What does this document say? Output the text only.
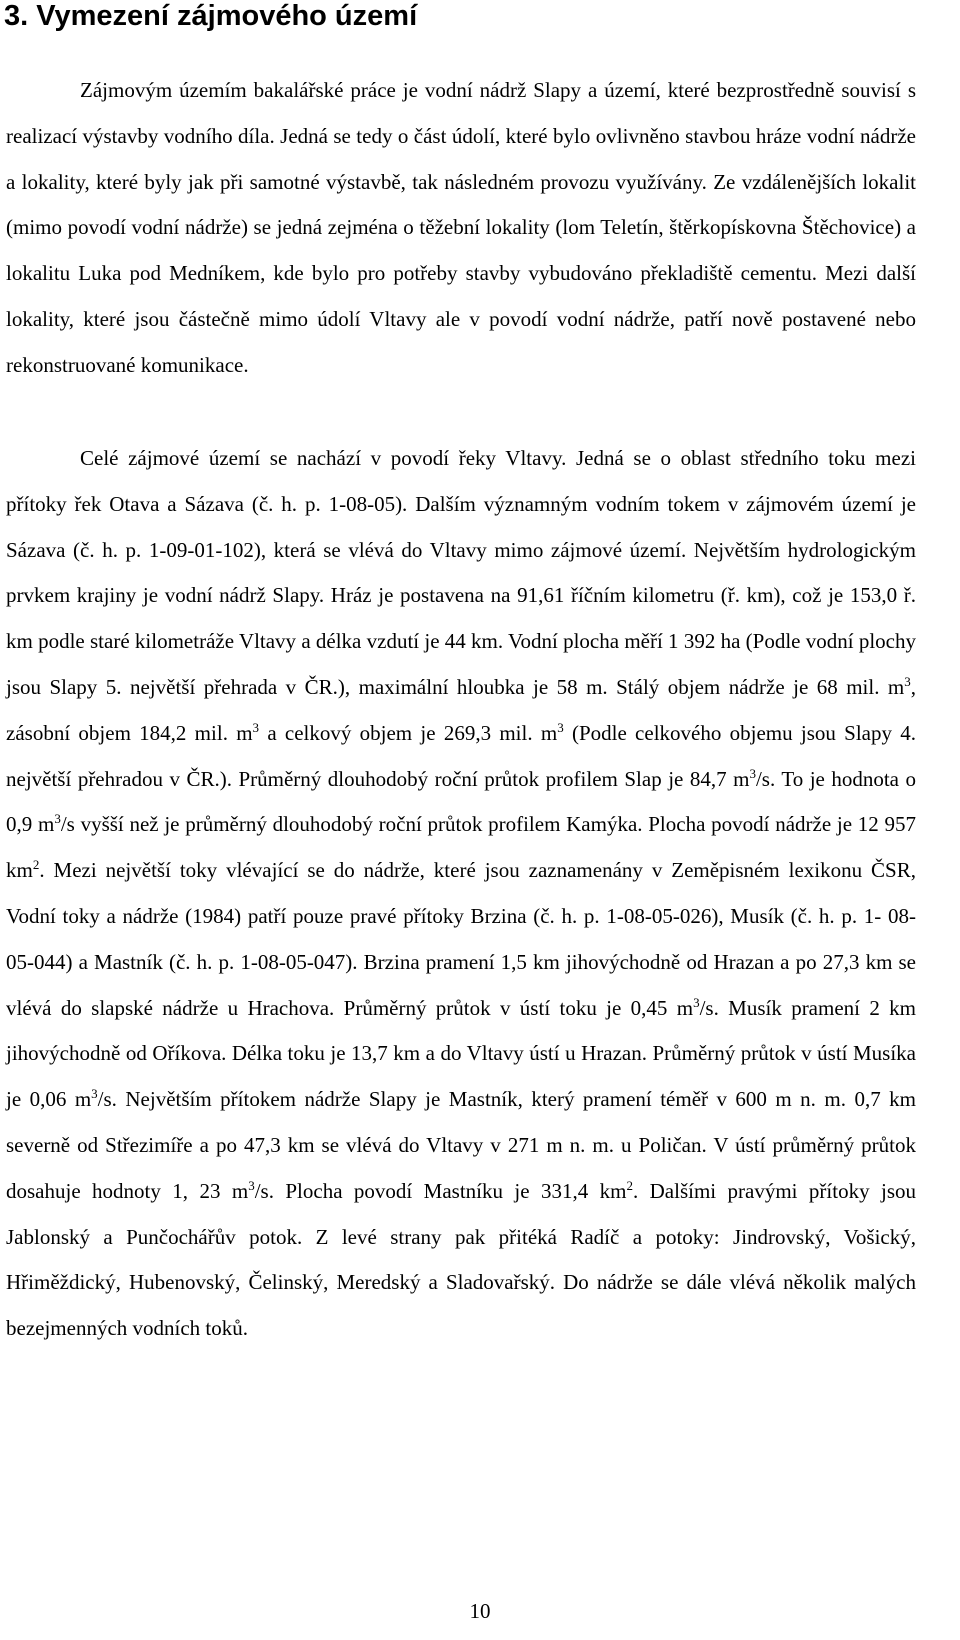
3. Vymezení zájmového území

Zájmovým územím bakalářské práce je vodní nádrž Slapy a území, které bezprostředně souvisí s realizací výstavby vodního díla. Jedná se tedy o část údolí, které bylo ovlivněno stavbou hráze vodní nádrže a lokality, které byly jak při samotné výstavbě, tak následném provozu využívány. Ze vzdálenějších lokalit (mimo povodí vodní nádrže) se jedná zejména o těžební lokality (lom Teletín, štěrkopískovna Štěchovice) a lokalitu Luka pod Medníkem, kde bylo pro potřeby stavby vybudováno překladiště cementu. Mezi další lokality, které jsou částečně mimo údolí Vltavy ale v povodí vodní nádrže, patří nově postavené nebo rekonstruované komunikace.

Celé zájmové území se nachází v povodí řeky Vltavy. Jedná se o oblast středního toku mezi přítoky řek Otava a Sázava (č. h. p. 1-08-05). Dalším významným vodním tokem v zájmovém území je Sázava (č. h. p. 1-09-01-102), která se vlévá do Vltavy mimo zájmové území. Největším hydrologickým prvkem krajiny je vodní nádrž Slapy. Hráz je postavena na 91,61 říčním kilometru (ř. km), což je 153,0 ř. km podle staré kilometráže Vltavy a délka vzdutí je 44 km. Vodní plocha měří 1 392 ha (Podle vodní plochy jsou Slapy 5. největší přehrada v ČR.), maximální hloubka je 58 m. Stálý objem nádrže je 68 mil. $m^3$, zásobní objem 184,2 mil. $m^3$ a celkový objem je 269,3 mil. $m^3$ (Podle celkového objemu jsou Slapy 4. největší přehradou v ČR.). Průměrný dlouhodobý roční průtok profilem Slap je 84,7 $m^3/s$. To je hodnota o 0,9 $m^3/s$ vyšší než je průměrný dlouhodobý roční průtok profilem Kamýka. Plocha povodí nádrže je 12 957 $km^2$. Mezi největší toky vlévající se do nádrže, které jsou zaznamenány v Zeměpisném lexikonu ČSR, Vodní toky a nádrže (1984) patří pouze pravé přítoky Brzina (č. h. p. 1-08-05-026), Musík (č. h. p. 1- 08-05-044) a Mastník (č. h. p. 1-08-05-047). Brzina pramení 1,5 km jihovýchodně od Hrazan a po 27,3 km se vlévá do slapské nádrže u Hrachova. Průměrný průtok v ústí toku je 0,45 $m^3/s$. Musík pramení 2 km jihovýchodně od Oříkova. Délka toku je 13,7 km a do Vltavy ústí u Hrazan. Průměrný průtok v ústí Musíka je 0,06 $m^3/s$. Největším přítokem nádrže Slapy je Mastník, který pramení téměř v 600 m n. m. 0,7 km severně od Střezimíře a po 47,3 km se vlévá do Vltavy v 271 m n. m. u Poličan. V ústí průměrný průtok dosahuje hodnoty 1, 23 $m^3/s$. Plocha povodí Mastníku je 331,4 $km^2$. Dalšími pravými přítoky jsou Jablonský a Punčochářův potok. Z levé strany pak přitéká Radíč a potoky: Jindrovský, Vošický, Hřiměždický, Hubenovský, Čelinský, Meredský a Sladovařský. Do nádrže se dále vlévá několik malých bezejmenných vodních toků.

10
